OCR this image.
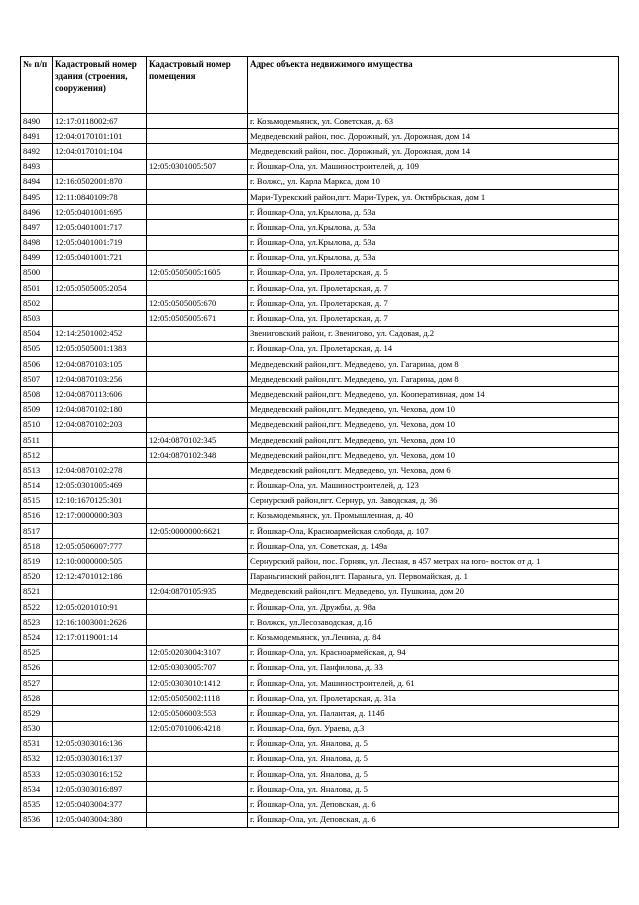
№ п/п	Кадастровый номер здания (строения, сооружения)	Кадастровый номер помещения	Адрес объекта недвижимого имущества
8490	12:17:0118002:67		г. Козьмодемьянск, ул. Советская, д. 63
8491	12:04:0170101:101		Медведевский район, пос. Дорожный, ул. Дорожная, дом 14
8492	12:04:0170101:104		Медведевский район, пос. Дорожный, ул. Дорожная, дом 14
8493		12:05:0301005:507	г. Йошкар-Ола, ул. Машиностроителей, д. 109
8494	12:16:0502001:870		г. Волжс,, ул. Карла Маркса, дом 10
8495	12:11:0840109:78		Мари-Турекский район,пгт. Мари-Турек, ул. Октябрьская, дом 1
8496	12:05:0401001:695		г. Йошкар-Ола, ул.Крылова, д. 53а
8497	12:05:0401001:717		г. Йошкар-Ола, ул.Крылова, д. 53а
8498	12:05:0401001:719		г. Йошкар-Ола, ул.Крылова, д. 53а
8499	12:05:0401001:721		г. Йошкар-Ола, ул.Крылова, д. 53а
8500		12:05:0505005:1605	г. Йошкар-Ола, ул. Пролетарская, д. 5
8501	12:05:0505005:2054		г. Йошкар-Ола, ул. Пролетарская, д. 7
8502		12:05:0505005:670	г. Йошкар-Ола, ул. Пролетарская, д. 7
8503		12:05:0505005:671	г. Йошкар-Ола, ул. Пролетарская, д. 7
8504	12:14:2501002:452		Звениговский район, г. Звенигово, ул. Садовая, д.2
8505	12:05:0505001:1383		г. Йошкар-Ола, ул. Пролетарская, д. 14
8506	12:04:0870103:105		Медведевский район,пгт. Медведево, ул. Гагарина, дом 8
8507	12:04:0870103:256		Медведевский район,пгт. Медведево, ул. Гагарина, дом 8
8508	12:04:0870113:606		Медведевский район,пгт. Медведево, ул. Кооперативная, дом 14
8509	12:04:0870102:180		Медведевский район,пгт. Медведево, ул. Чехова, дом 10
8510	12:04:0870102:203		Медведевский район,пгт. Медведево, ул. Чехова, дом 10
8511		12:04:0870102:345	Медведевский район,пгт. Медведево, ул. Чехова, дом 10
8512		12:04:0870102:348	Медведевский район,пгт. Медведево, ул. Чехова, дом 10
8513	12:04:0870102:278		Медведевский район,пгт. Медведево, ул. Чехова, дом 6
8514	12:05:0301005:469		г. Йошкар-Ола, ул. Машиностроителей, д. 123
8515	12:10:1670125:301		Сернурский район,пгт. Сернур, ул. Заводская, д. 36
8516	12:17:0000000:303		г. Козьмодемьянск, ул. Промышленная, д. 40
8517		12:05:0000000:6621	г. Йошкар-Ола, Красноармейская слобода, д. 107
8518	12:05:0506007:777		г. Йошкар-Ола, ул. Советская, д. 149а
8519	12:10:0000000:505		Сернурский район, пос. Горняк, ул. Лесная, в 457 метрах на юго- восток от д. 1
8520	12:12:4701012:186		Параньгинский район,пгт. Параньга, ул. Первомайская, д. 1
8521		12:04:0870105:935	Медведевский район,пгт. Медведево, ул. Пушкина, дом 20
8522	12:05:0201010:91		г. Йошкар-Ола, ул. Дружбы, д. 98а
8523	12:16:1003001:2626		г. Волжск, ул.Лесозаводская, д.1б
8524	12:17:0119001:14		г. Козьмодемьянск, ул.Ленина, д. 84
8525		12:05:0203004:3107	г. Йошкар-Ола, ул. Красноармейская, д. 94
8526		12:05:0303005:707	г. Йошкар-Ола, ул. Панфилова, д. 33
8527		12:05:0303010:1412	г. Йошкар-Ола, ул. Машиностроителей, д. 61
8528		12:05:0505002:1118	г. Йошкар-Ола, ул. Пролетарская, д. 31а
8529		12:05:0506003:553	г. Йошкар-Ола, ул. Палантая, д. 114б
8530		12:05:0701006:4218	г. Йошкар-Ола, бул. Ураева, д.3
8531	12:05:0303016:136		г. Йошкар-Ола, ул. Яналова, д. 5
8532	12:05:0303016:137		г. Йошкар-Ола, ул. Яналова, д. 5
8533	12:05:0303016:152		г. Йошкар-Ола, ул. Яналова, д. 5
8534	12:05:0303016:897		г. Йошкар-Ола, ул. Яналова, д. 5
8535	12:05:0403004:377		г. Йошкар-Ола, ул. Деповская, д. 6
8536	12:05:0403004:380		г. Йошкар-Ола, ул. Деповская, д. 6
